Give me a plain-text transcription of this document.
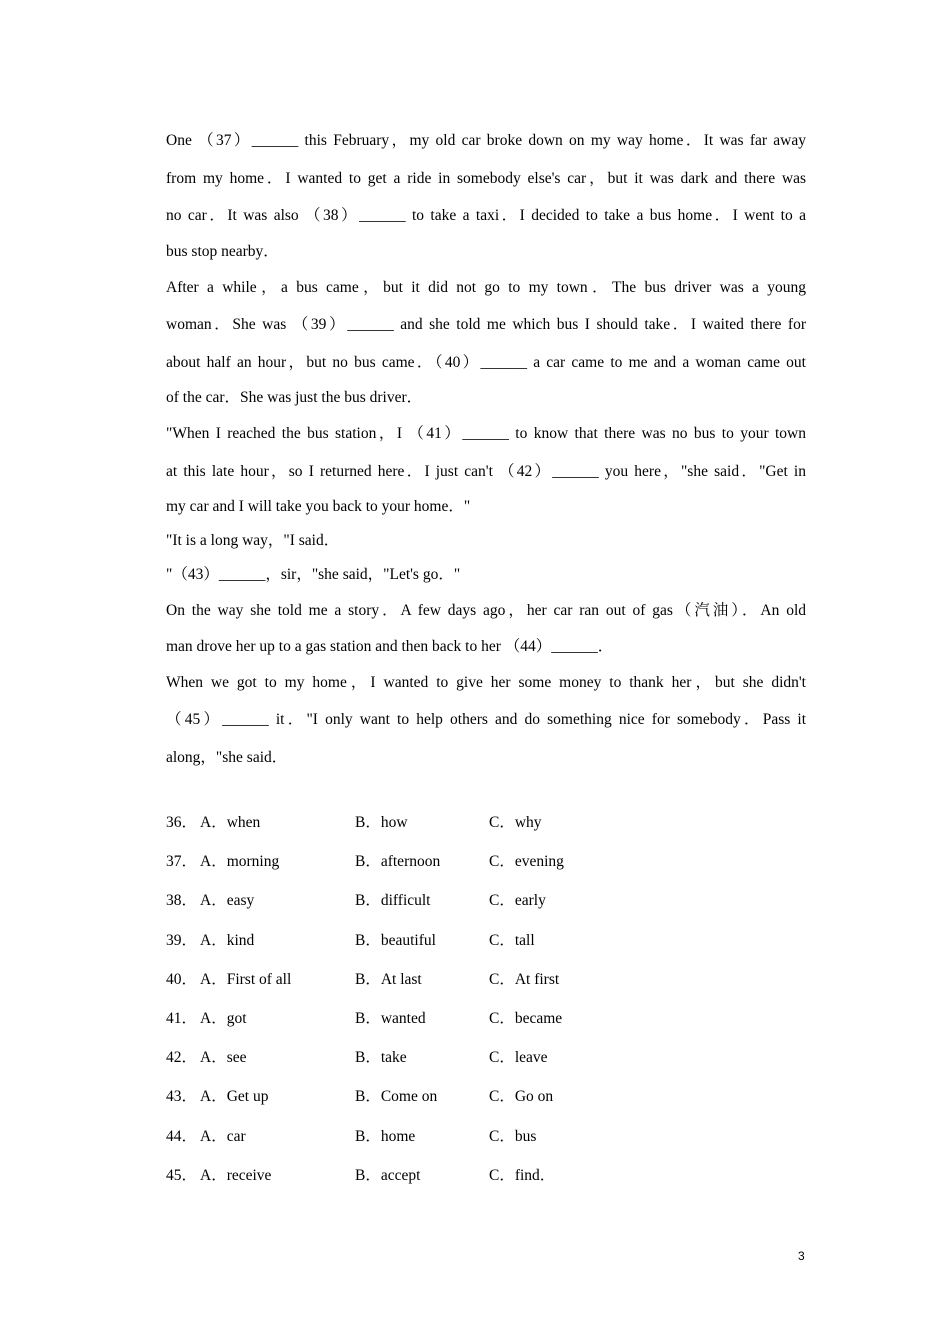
One （37）______ this February，my old car broke down on my way home．It was far away
from my home．I wanted to get a ride in somebody else's car，but it was dark and there was
no car．It was also （38）______ to take a taxi．I decided to take a bus home．I went to a
bus stop nearby．
After a while，a bus came，but it did not go to my town．The bus driver was a young
woman．She was （39）______ and she told me which bus I should take．I waited there for
about half an hour，but no bus came．（40）______ a car came to me and a woman came out
of the car．She was just the bus driver．
"When I reached the bus station，I （41）______ to know that there was no bus to your town
at this late hour，so I returned here．I just can't （42）______ you here，"she said．"Get in
my car and I will take you back to your home．"
"It is a long way，"I said．
"（43）______，sir，"she said，"Let's go．"
On the way she told me a story．A few days ago，her car ran out of gas（汽油）．An old
man drove her up to a gas station and then back to her （44）______．
When we got to my home，I wanted to give her some money to thank her，but she didn't
（45）______ it．"I only want to help others and do something nice for somebody．Pass it
along，"she said．
36． A．when	B．how	C．why
37． A．morning	B．afternoon	C．evening
38． A．easy	B．difficult	C．early
39． A．kind	B．beautiful	C．tall
40． A．First of all	B．At last	C．At first
41． A．got	B．wanted	C．became
42． A．see	B．take	C．leave
43． A．Get up	B．Come on	C．Go on
44． A．car	B．home	C．bus
45． A．receive	B．accept	C．find．
3
